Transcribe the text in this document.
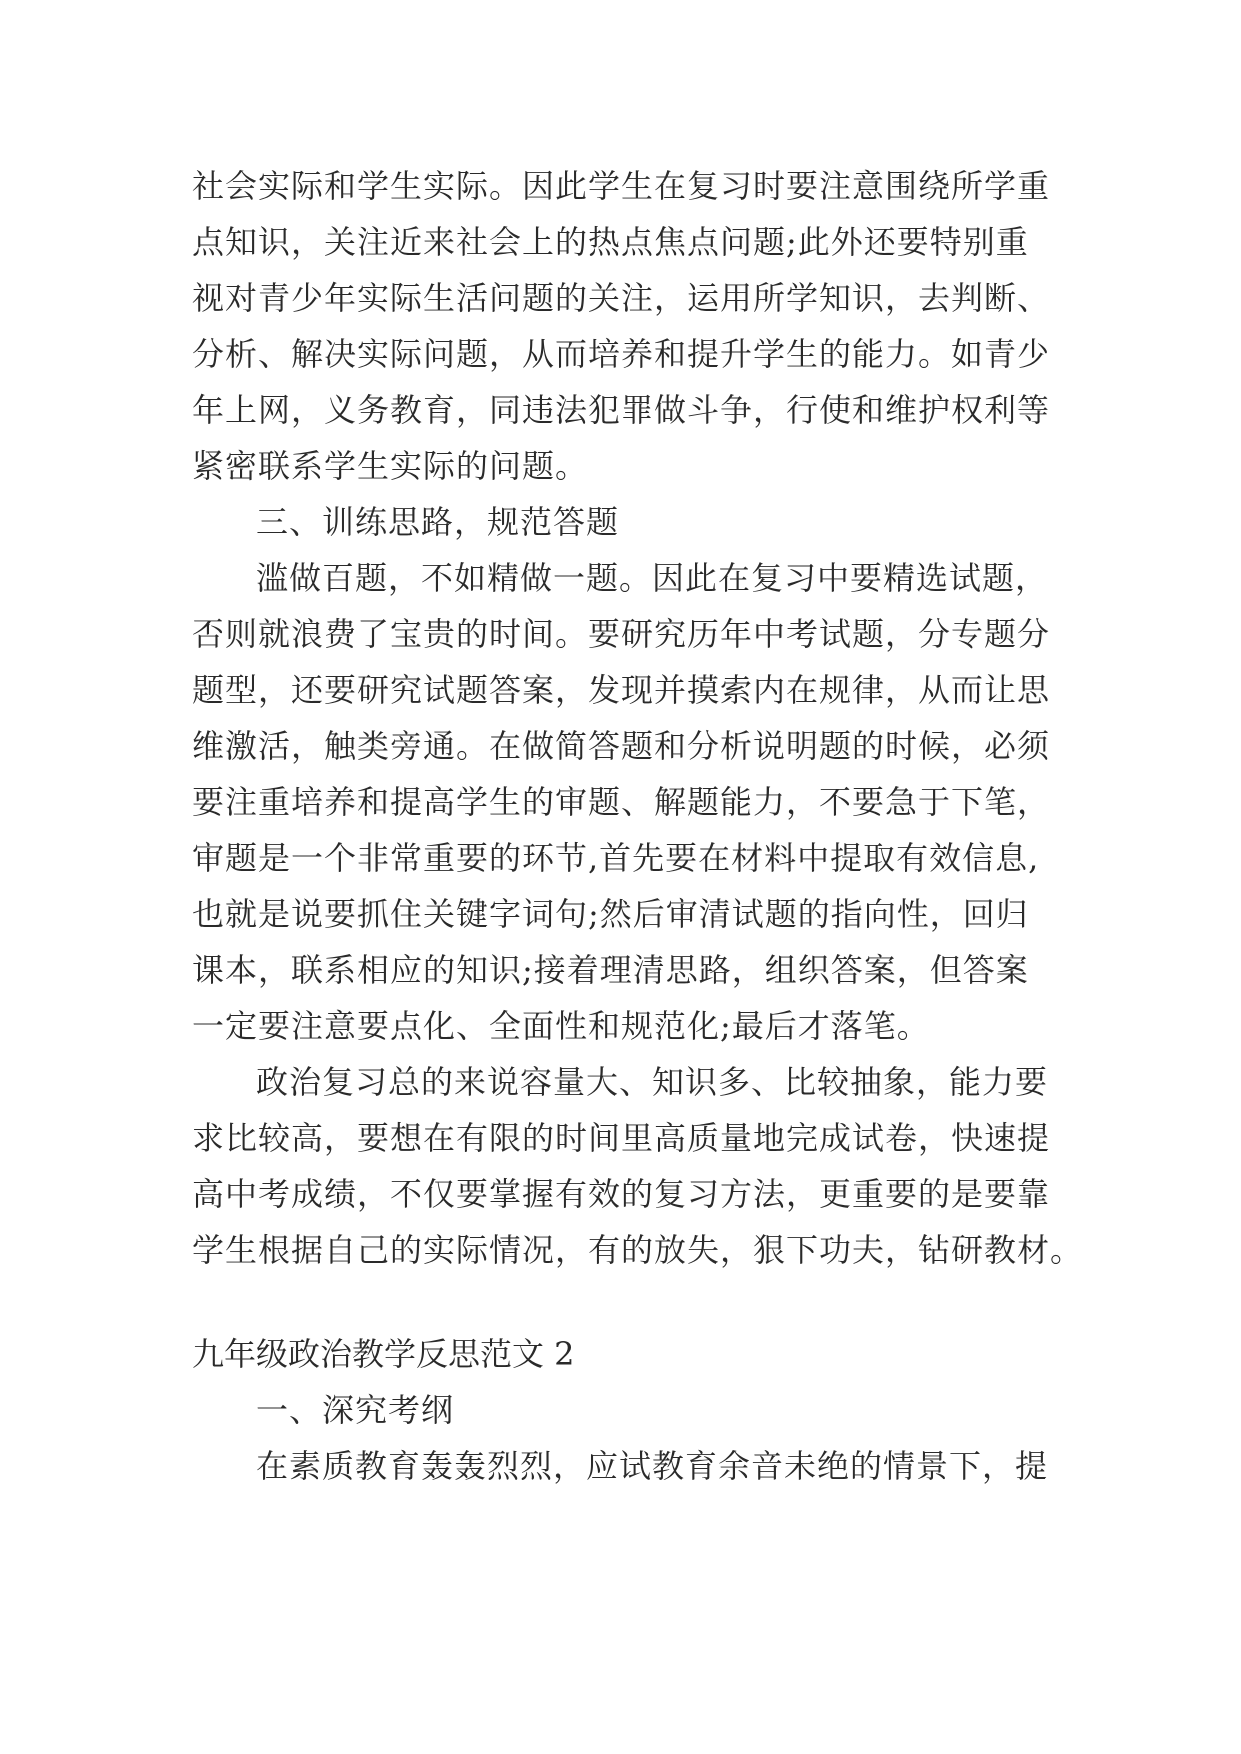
社会实际和学生实际。因此学生在复习时要注意围绕所学重
点知识，关注近来社会上的热点焦点问题;此外还要特别重
视对青少年实际生活问题的关注，运用所学知识，去判断、
分析、解决实际问题，从而培养和提升学生的能力。如青少
年上网，义务教育，同违法犯罪做斗争，行使和维护权利等
紧密联系学生实际的问题。
三、训练思路，规范答题
滥做百题，不如精做一题。因此在复习中要精选试题，
否则就浪费了宝贵的时间。要研究历年中考试题，分专题分
题型，还要研究试题答案，发现并摸索内在规律，从而让思
维激活，触类旁通。在做简答题和分析说明题的时候，必须
要注重培养和提高学生的审题、解题能力，不要急于下笔，
审题是一个非常重要的环节,首先要在材料中提取有效信息,
也就是说要抓住关键字词句;然后审清试题的指向性，回归
课本，联系相应的知识;接着理清思路，组织答案，但答案
一定要注意要点化、全面性和规范化;最后才落笔。
政治复习总的来说容量大、知识多、比较抽象，能力要
求比较高，要想在有限的时间里高质量地完成试卷，快速提
高中考成绩，不仅要掌握有效的复习方法，更重要的是要靠
学生根据自己的实际情况，有的放失，狠下功夫，钻研教材。
九年级政治教学反思范文 2
一、深究考纲
在素质教育轰轰烈烈，应试教育余音未绝的情景下，提
